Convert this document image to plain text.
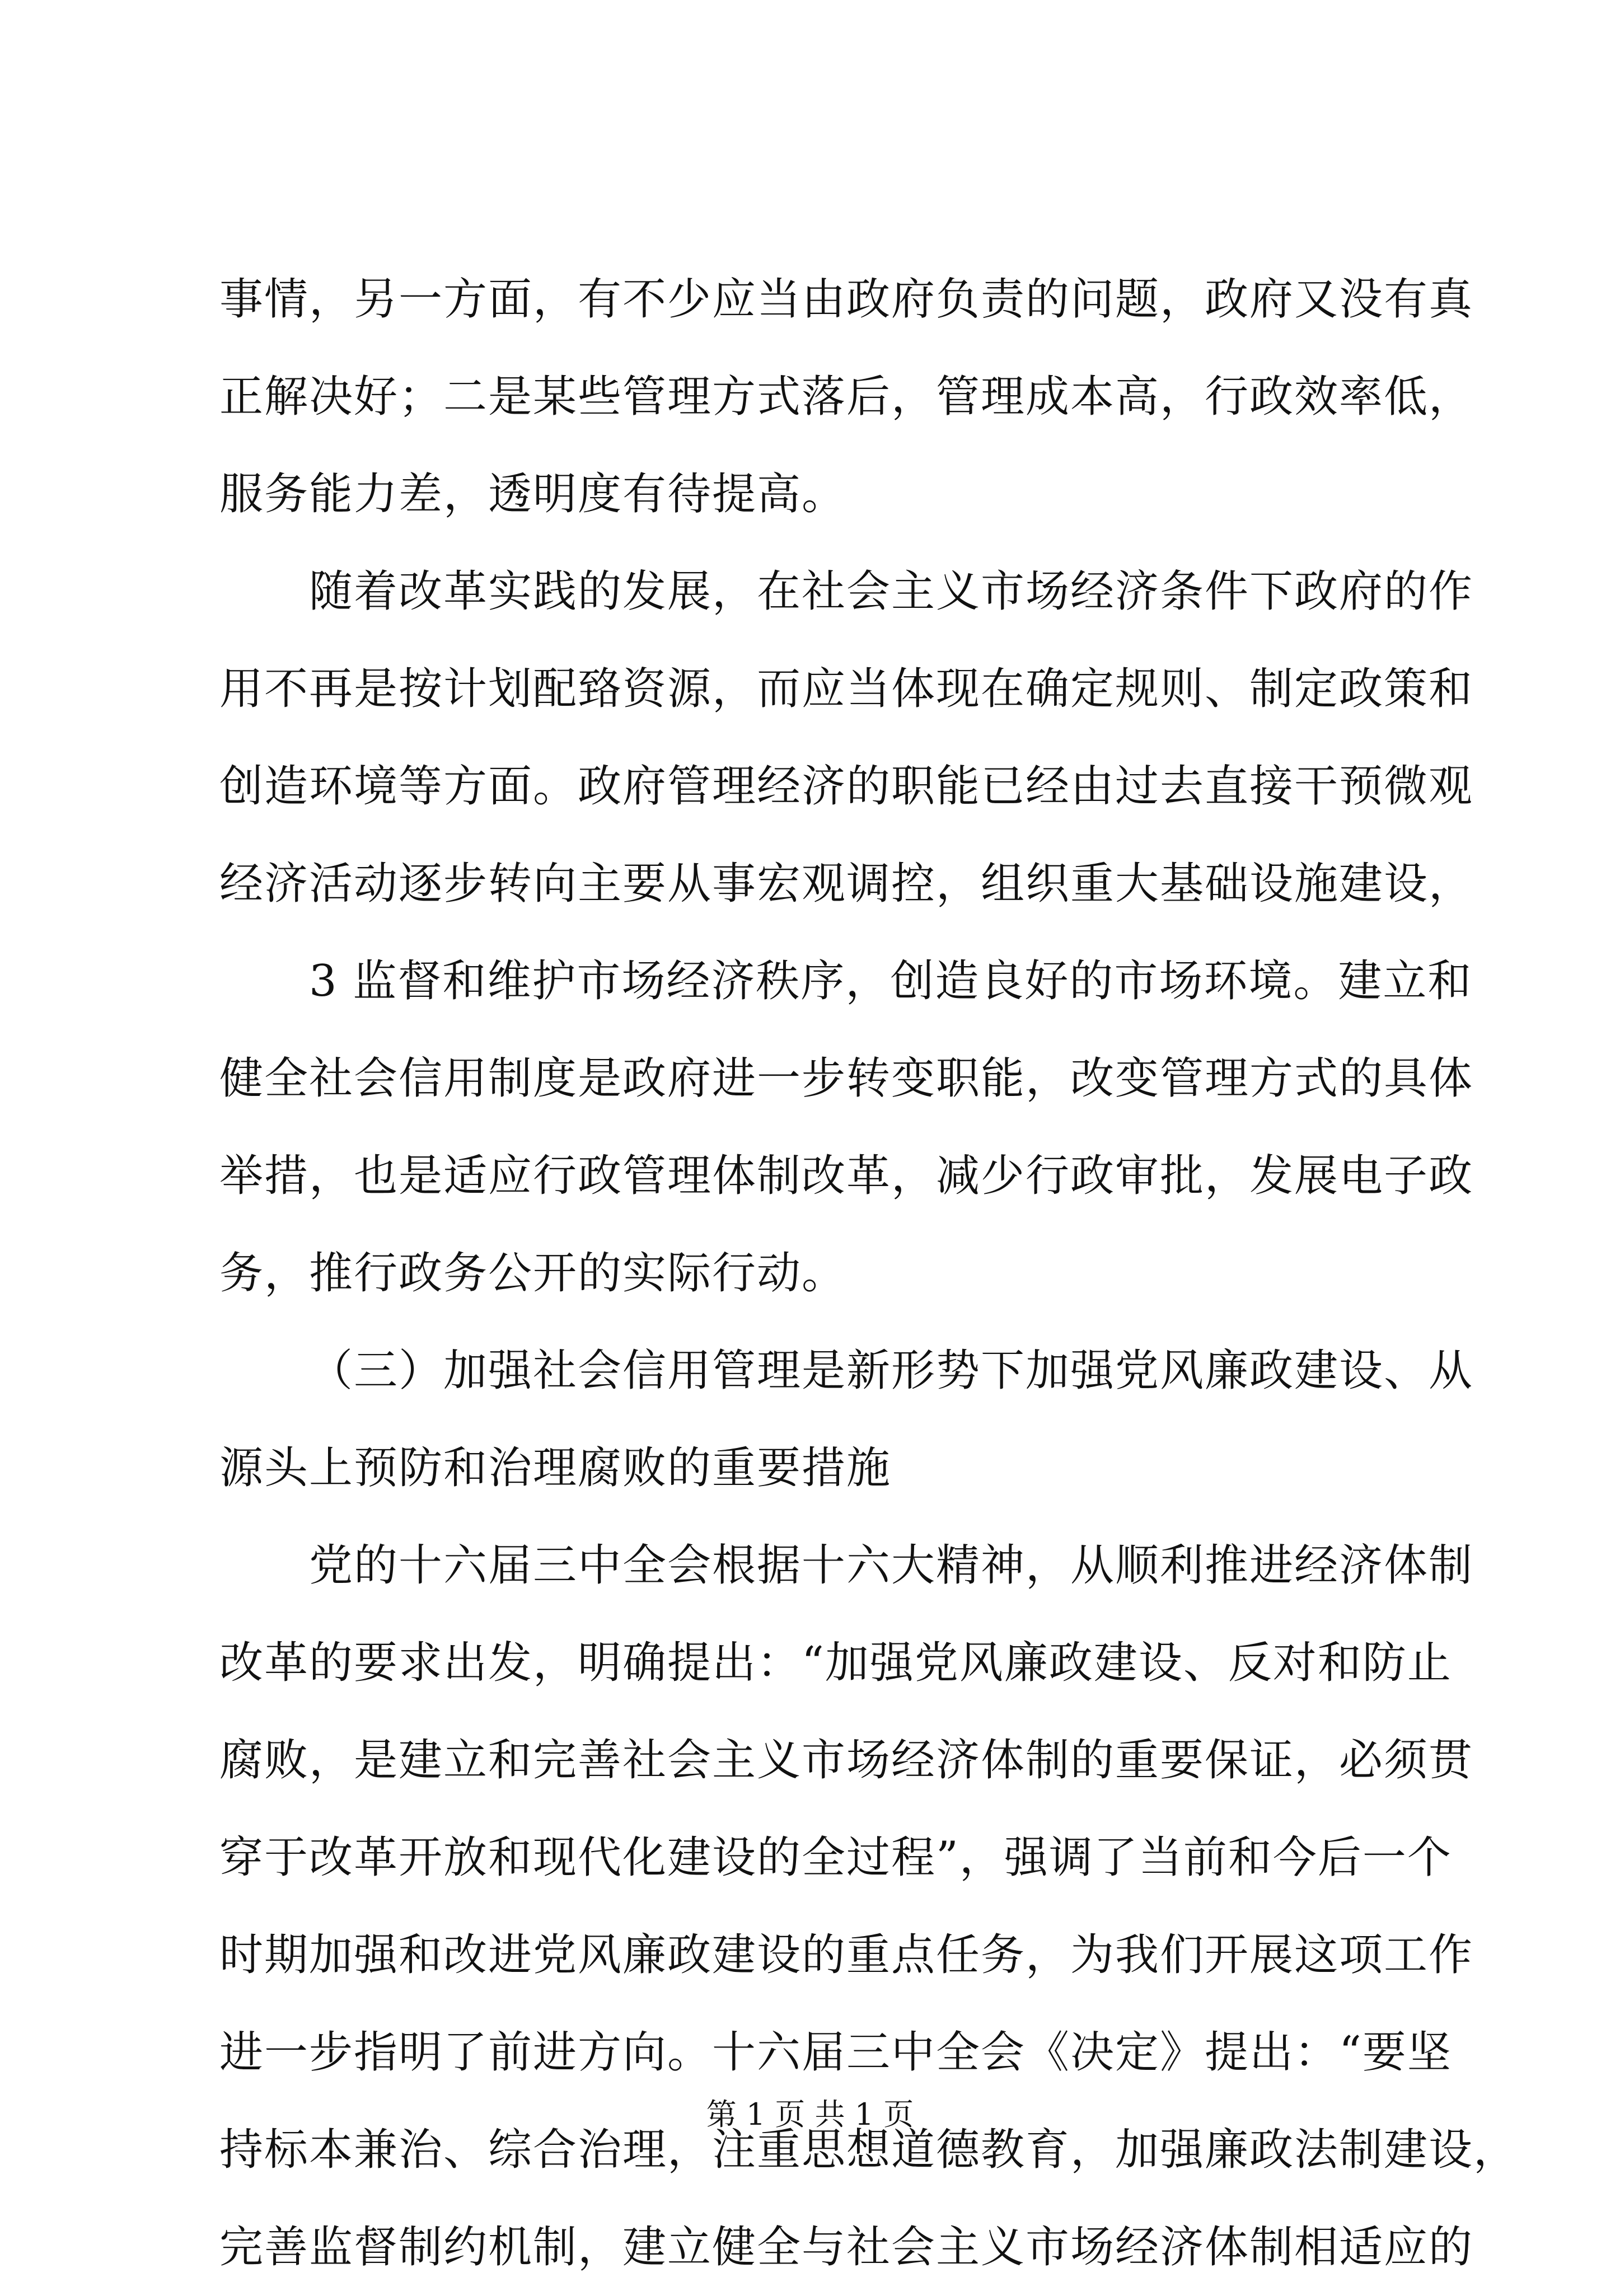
事情，另一方面，有不少应当由政府负责的问题，政府又没有真
正解决好；二是某些管理方式落后，管理成本高，行政效率低，
服务能力差，透明度有待提高。
随着改革实践的发展，在社会主义市场经济条件下政府的作
用不再是按计划配臵资源，而应当体现在确定规则、制定政策和
创造环境等方面。政府管理经济的职能已经由过去直接干预微观
经济活动逐步转向主要从事宏观调控，组织重大基础设施建设，
3 监督和维护市场经济秩序，创造良好的市场环境。建立和
健全社会信用制度是政府进一步转变职能，改变管理方式的具体
举措，也是适应行政管理体制改革，减少行政审批，发展电子政
务，推行政务公开的实际行动。
（三）加强社会信用管理是新形势下加强党风廉政建设、从
源头上预防和治理腐败的重要措施
党的十六届三中全会根据十六大精神，从顺利推进经济体制
改革的要求出发，明确提出：“加强党风廉政建设、反对和防止
腐败，是建立和完善社会主义市场经济体制的重要保证，必须贯
穿于改革开放和现代化建设的全过程”，强调了当前和今后一个
时期加强和改进党风廉政建设的重点任务，为我们开展这项工作
进一步指明了前进方向。十六届三中全会《决定》提出：“要坚
持标本兼治、综合治理，注重思想道德教育，加强廉政法制建设，
完善监督制约机制，建立健全与社会主义市场经济体制相适应的
第 1 页 共 1 页
